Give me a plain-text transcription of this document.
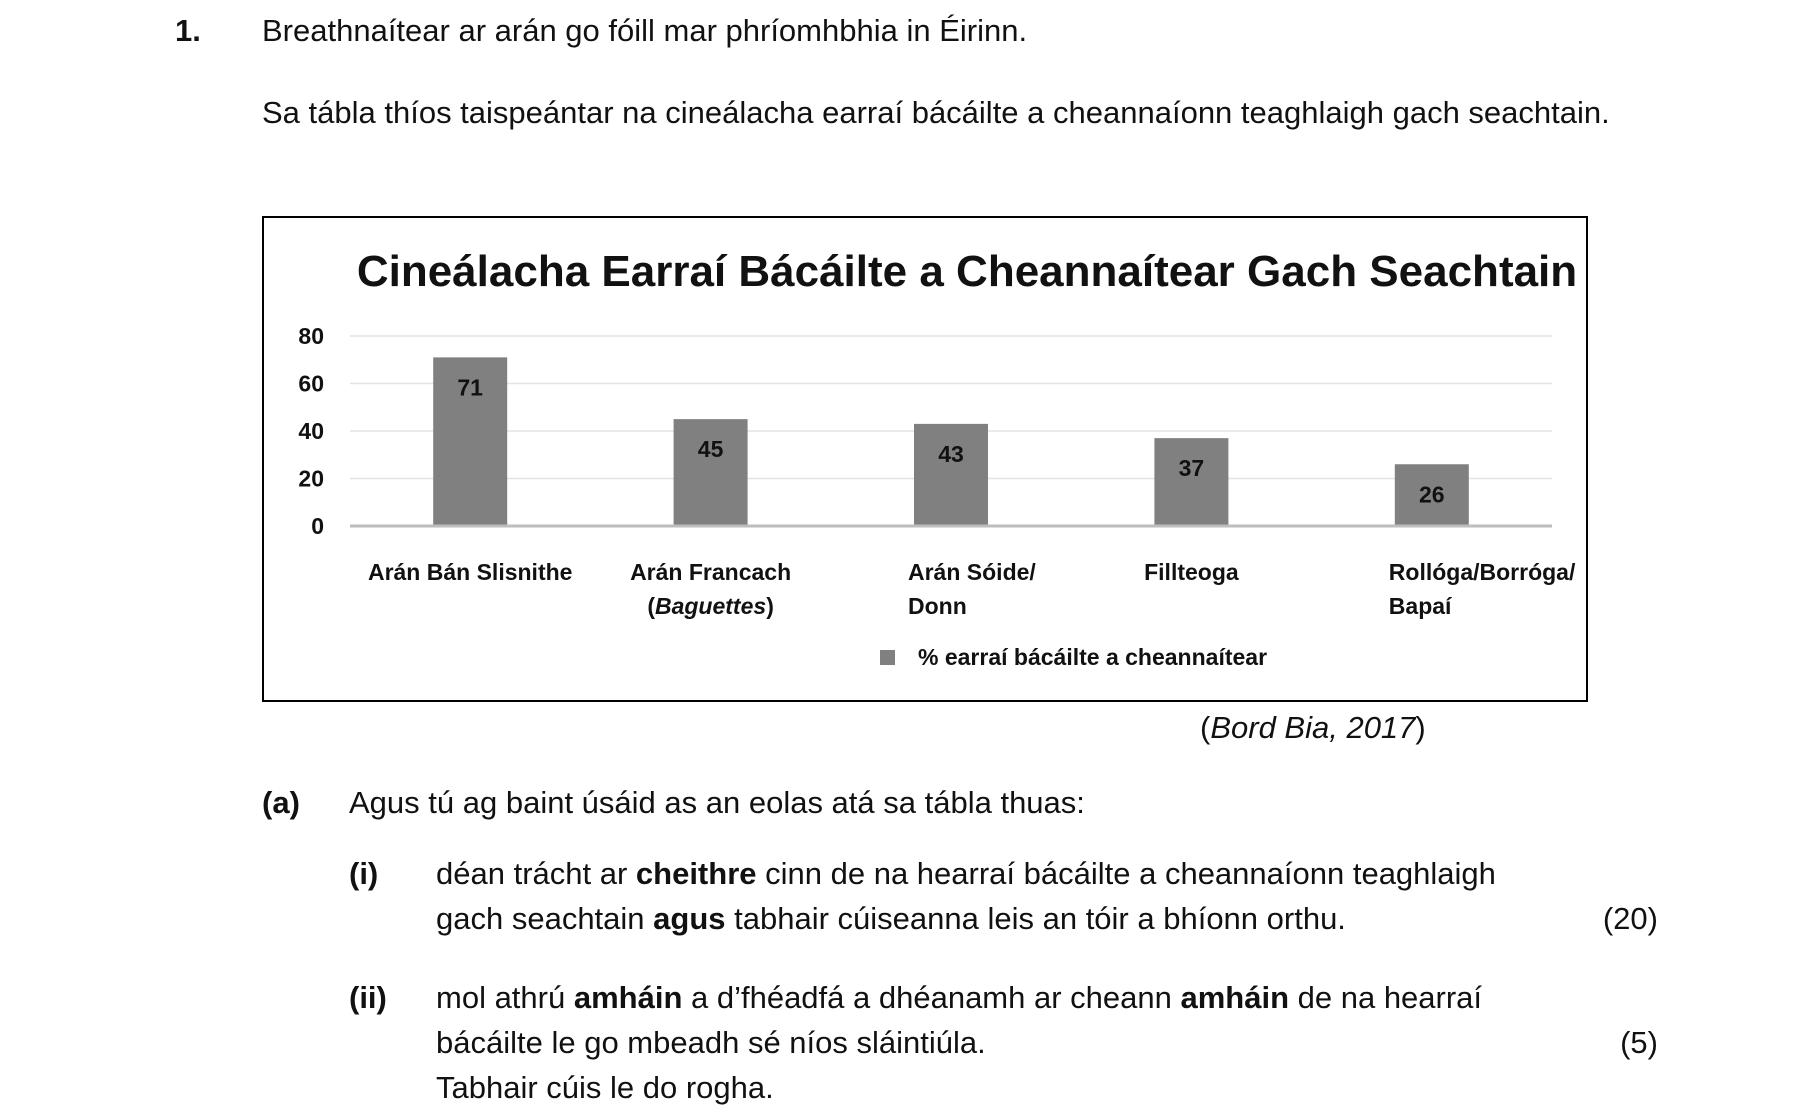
1. Breathnaítear ar arán go fóill mar phríomhbhia in Éirinn.
Sa tábla thíos taispeántar na cineálacha earraí bácáilte a cheannaíonn teaghlaigh gach seachtain.
Cineálacha Earraí Bácáilte a Cheannaítear Gach Seachtain
80
60
40
20
0
71
45	43
37
26
Arán Bán Slisnithe	Arán Francach
(Baguettes)
Arán Sóide/
Donn
Fillteoga	Rollóga/Borróga/
Bapaí
% earraí bácáilte a cheannaítear
(Bord Bia, 2017)
(a) Agus tú ag baint úsáid as an eolas atá sa tábla thuas:
(i) déan trácht ar cheithre cinn de na hearraí bácáilte a cheannaíonn teaghlaigh
gach seachtain agus tabhair cúiseanna leis an tóir a bhíonn orthu.	(20)
(ii) mol athrú amháin a d’fhéadfá a dhéanamh ar cheann amháin de na hearraí
bácáilte le go mbeadh sé níos sláintiúla.
Tabhair cúis le do rogha.
(5)
